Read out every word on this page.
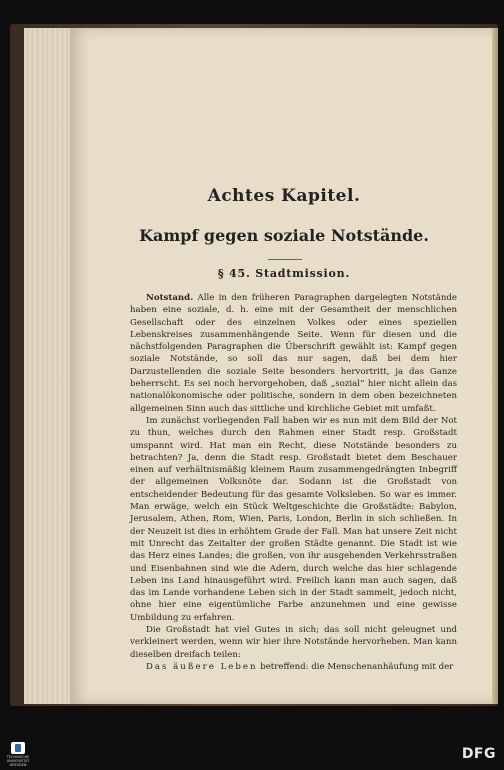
Achtes Kapitel.
Kampf gegen soziale Notstände.
§ 45. Stadtmission.

Notstand. Alle in den früheren Paragraphen dargelegten Notstände haben eine soziale, d. h. eine mit der Gesamtheit der menschlichen Gesellschaft oder des einzelnen Volkes oder eines speziellen Lebenskreises zusammenhängende Seite. Wenn für diesen und die nächstfolgenden Paragraphen die Überschrift gewählt ist: Kampf gegen soziale Notstände, so soll das nur sagen, daß bei dem hier Darzustellenden die soziale Seite besonders hervortritt, ja das Ganze beherrscht. Es sei noch hervorgehoben, daß „sozial“ hier nicht allein das nationalökonomische oder politische, sondern in dem oben bezeichneten allgemeinen Sinn auch das sittliche und kirchliche Gebiet mit umfaßt.

Im zunächst vorliegenden Fall haben wir es nun mit dem Bild der Not zu thun, welches durch den Rahmen einer Stadt resp. Großstadt umspannt wird. Hat man ein Recht, diese Notstände besonders zu betrachten? Ja, denn die Stadt resp. Großstadt bietet dem Beschauer einen auf verhältnismäßig kleinem Raum zusammengedrängten Inbegriff der allgemeinen Volksnöte dar. Sodann ist die Großstadt von entscheidender Bedeutung für das gesamte Volksleben. So war es immer. Man erwäge, welch ein Stück Weltgeschichte die Großstädte: Babylon, Jerusalem, Athen, Rom, Wien, Paris, London, Berlin in sich schließen. In der Neuzeit ist dies in erhöhtem Grade der Fall. Man hat unsere Zeit nicht mit Unrecht das Zeitalter der großen Städte genannt. Die Stadt ist wie das Herz eines Landes; die großen, von ihr ausgehenden Verkehrsstraßen und Eisenbahnen sind wie die Adern, durch welche das hier schlagende Leben ins Land hinausgeführt wird. Freilich kann man auch sagen, daß das im Lande vorhandene Leben sich in der Stadt sammelt, jedoch nicht, ohne hier eine eigentümliche Farbe anzunehmen und eine gewisse Umbildung zu erfahren.

Die Großstadt hat viel Gutes in sich; das soll nicht geleugnet und verkleinert werden, wenn wir hier ihre Notstände hervorheben. Man kann dieselben dreifach teilen:

Das äußere Leben betreffend: die Menschenanhäufung mit der

TECHNISCHE UNIVERSITÄT DRESDEN
DFG
